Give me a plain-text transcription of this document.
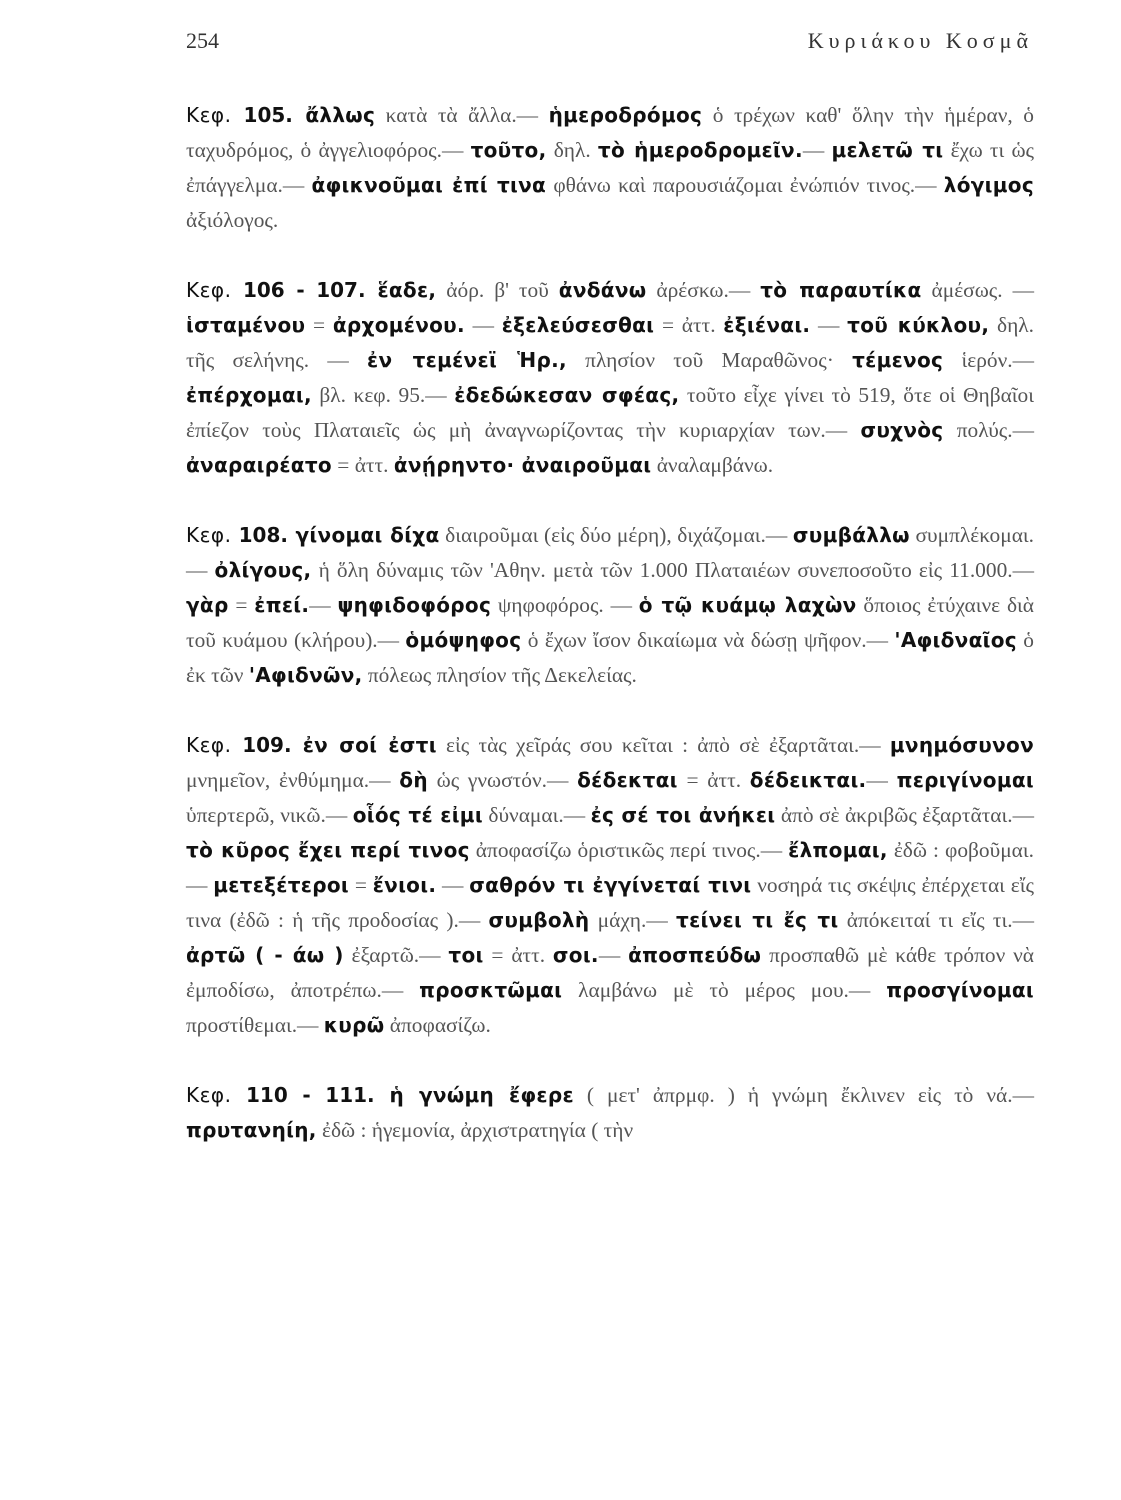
254	Κυριάκου Κοσμᾶ

Κεφ. 105. ἄλλως κατὰ τὰ ἄλλα.— ἡμεροδρόμος ὁ τρέχων καθ' ὅλην τὴν ἡμέραν, ὁ ταχυδρόμος, ὁ ἀγγελιοφόρος.— τοῦτο, δηλ. τὸ ἡμεροδρομεῖν.— μελετῶ τι ἔχω τι ὡς ἐπάγγελμα.— ἀφικνοῦμαι ἐπί τινα φθάνω καὶ παρουσιάζομαι ἐνώπιόν τινος.— λόγιμος ἀξιόλογος.

Κεφ. 106 - 107. ἕαδε, ἀόρ. β' τοῦ ἀνδάνω ἀρέσκω.— τὸ παραυτίκα ἀμέσως. — ἱσταμένου = ἀρχομένου. — ἐξελεύσεσθαι = ἀττ. ἐξιέναι. — τοῦ κύκλου, δηλ. τῆς σελήνης. — ἐν τεμένεϊ Ἡρ., πλησίον τοῦ Μαραθῶνος· τέμενος ἱερόν.— ἐπέρχομαι, βλ. κεφ. 95.— ἐδεδώκεσαν σφέας, τοῦτο εἶχε γίνει τὸ 519, ὅτε οἱ Θηβαῖοι ἐπίεζον τοὺς Πλαταιεῖς ὡς μὴ ἀναγνωρίζοντας τὴν κυριαρχίαν των.— συχνὸς πολύς.— ἀναραιρέατο = ἀττ. ἀνῄρηντο· ἀναιροῦμαι ἀναλαμβάνω.

Κεφ. 108. γίνομαι δίχα διαιροῦμαι (εἰς δύο μέρη), διχάζομαι.— συμβάλλω συμπλέκομαι.— ὀλίγους, ἡ ὅλη δύναμις τῶν 'Αθην. μετὰ τῶν 1.000 Πλαταιέων συνεποσοῦτο εἰς 11.000.— γὰρ = ἐπεί.— ψηφιδοφόρος ψηφοφόρος. — ὁ τῷ κυάμῳ λαχὼν ὅποιος ἐτύχαινε διὰ τοῦ κυάμου (κλήρου).— ὁμόψηφος ὁ ἔχων ἴσον δικαίωμα νὰ δώσῃ ψῆφον.— 'Αφιδναῖος ὁ ἐκ τῶν 'Αφιδνῶν, πόλεως πλησίον τῆς Δεκελείας.

Κεφ. 109. ἐν σοί ἐστι εἰς τὰς χεῖράς σου κεῖται : ἀπὸ σὲ ἐξαρτᾶται.— μνημόσυνον μνημεῖον, ἐνθύμημα.— δὴ ὡς γνωστόν.— δέδεκται = ἀττ. δέδεικται.— περιγίνομαι ὑπερτερῶ, νικῶ.— οἷός τέ εἰμι δύναμαι.— ἐς σέ τοι ἀνήκει ἀπὸ σὲ ἀκριβῶς ἐξαρτᾶται.— τὸ κῦρος ἔχει περί τινος ἀποφασίζω ὁριστικῶς περί τινος.— ἔλπομαι, ἐδῶ : φοβοῦμαι.— μετεξέτεροι = ἔνιοι. — σαθρόν τι ἐγγίνεταί τινι νοσηρά τις σκέψις ἐπέρχεται εἴς τινα (ἐδῶ : ἡ τῆς προδοσίας ).— συμβολὴ μάχη.— τείνει τι ἔς τι ἀπόκειταί τι εἴς τι.— ἀρτῶ ( - άω ) ἐξαρτῶ.— τοι = ἀττ. σοι.— ἀποσπεύδω προσπαθῶ μὲ κάθε τρόπον νὰ ἐμποδίσω, ἀποτρέπω.— προσκτῶμαι λαμβάνω μὲ τὸ μέρος μου.— προσγίνομαι προστίθεμαι.— κυρῶ ἀποφασίζω.

Κεφ. 110 - 111. ἡ γνώμη ἔφερε ( μετ' ἀπρμφ. ) ἡ γνώμη ἔκλινεν εἰς τὸ νά.— πρυτανηίη, ἐδῶ : ἡγεμονία, ἀρχιστρατηγία ( τὴν
